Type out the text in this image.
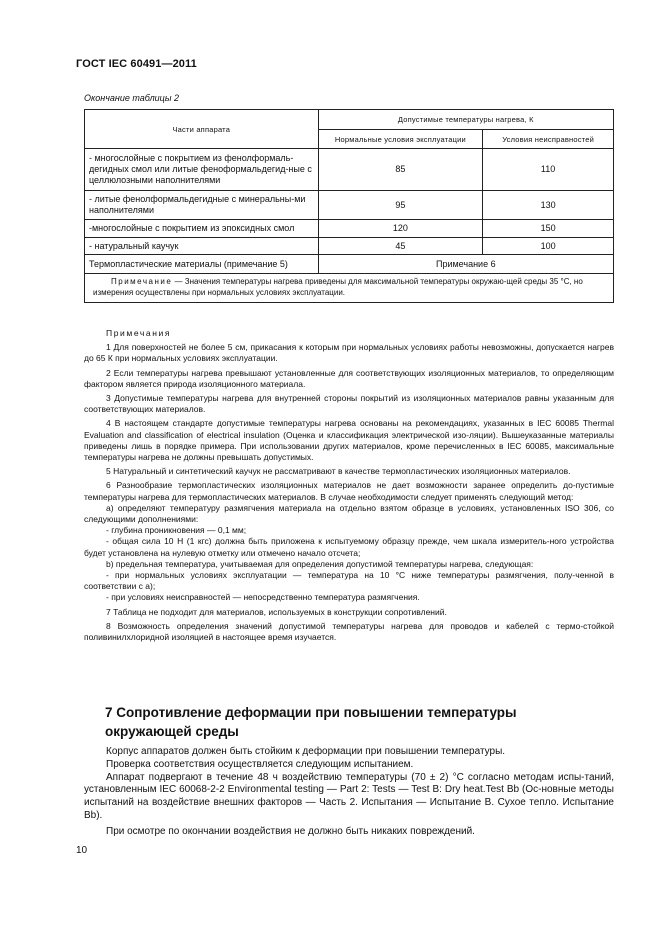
ГОСТ IEC 60491—2011
Окончание таблицы 2
Части аппарата	Допустимые температуры нагрева, К	
	Нормальные условия эксплуатации	Условия неисправностей
- многослойные с покрытием из фенолформаль-дегидных смол или литые феноформальдегид-ные с целлюлозными наполнителями	85	110
- литые фенолформальдегидные с минеральны-ми наполнителями	95	130
-многослойные с покрытием из эпоксидных смол	120	150
- натуральный каучук	45	100
Термопластические материалы (примечание 5)	Примечание 6	
Примечание — Значения температуры нагрева приведены для максимальной температуры окружаю-щей среды 35 °С, но измерения осуществлены при нормальных условиях эксплуатации.		
Примечания

1 Для поверхностей не более 5 см, прикасания к которым при нормальных условиях работы невозможны, допускается нагрев до 65 К при нормальных условиях эксплуатации.

2 Если температуры нагрева превышают установленные для соответствующих изоляционных материалов, то определяющим фактором является природа изоляционного материала.

3 Допустимые температуры нагрева для внутренней стороны покрытий из изоляционных материалов равны указанным для соответствующих материалов.

4 В настоящем стандарте допустимые температуры нагрева основаны на рекомендациях, указанных в IEC 60085 Thermal Evaluation and classification of electrical insulation (Оценка и классификация электрической изо-ляции). Вышеуказанные материалы приведены лишь в порядке примера. При использовании других материалов, кроме перечисленных в IEC 60085, максимальные температуры нагрева не должны превышать допустимых.

5 Натуральный и синтетический каучук не рассматривают в качестве термопластических изоляционных материалов.

6 Разнообразие термопластических изоляционных материалов не дает возможности заранее определить до-пустимые температуры нагрева для термопластических материалов. В случае необходимости следует применять следующий метод:

а) определяют температуру размягчения материала на отдельно взятом образце в условиях, установленных ISO 306, со следующими дополнениями:

- глубина проникновения — 0,1 мм;

- общая сила 10 Н (1 кгс) должна быть приложена к испытуемому образцу прежде, чем шкала измеритель-ного устройства будет установлена на нулевую отметку или отмечено начало отсчета;

b) предельная температура, учитываемая для определения допустимой температуры нагрева, следующая:

- при нормальных условиях эксплуатации — температура на 10 °С ниже температуры размягчения, полу-ченной в соответствии с а);

- при условиях неисправностей — непосредственно температура размягчения.

7 Таблица не подходит для материалов, используемых в конструкции сопротивлений.

8 Возможность определения значений допустимой температуры нагрева для проводов и кабелей с термо-стойкой поливинилхлоридной изоляцией в настоящее время изучается.

7 Сопротивление деформации при повышении температуры окружающей среды

Корпус аппаратов должен быть стойким к деформации при повышении температуры.

Проверка соответствия осуществляется следующим испытанием.

Аппарат подвергают в течение 48 ч воздействию температуры (70 ± 2) °С согласно методам испы-таний, установленным IEC 60068-2-2 Environmental testing — Part 2: Tests — Test B: Dry heat.Test Bb (Ос-новные методы испытаний на воздействие внешних факторов — Часть 2. Испытания — Испытание В. Сухое тепло. Испытание Bb).

При осмотре по окончании воздействия не должно быть никаких повреждений.

10
